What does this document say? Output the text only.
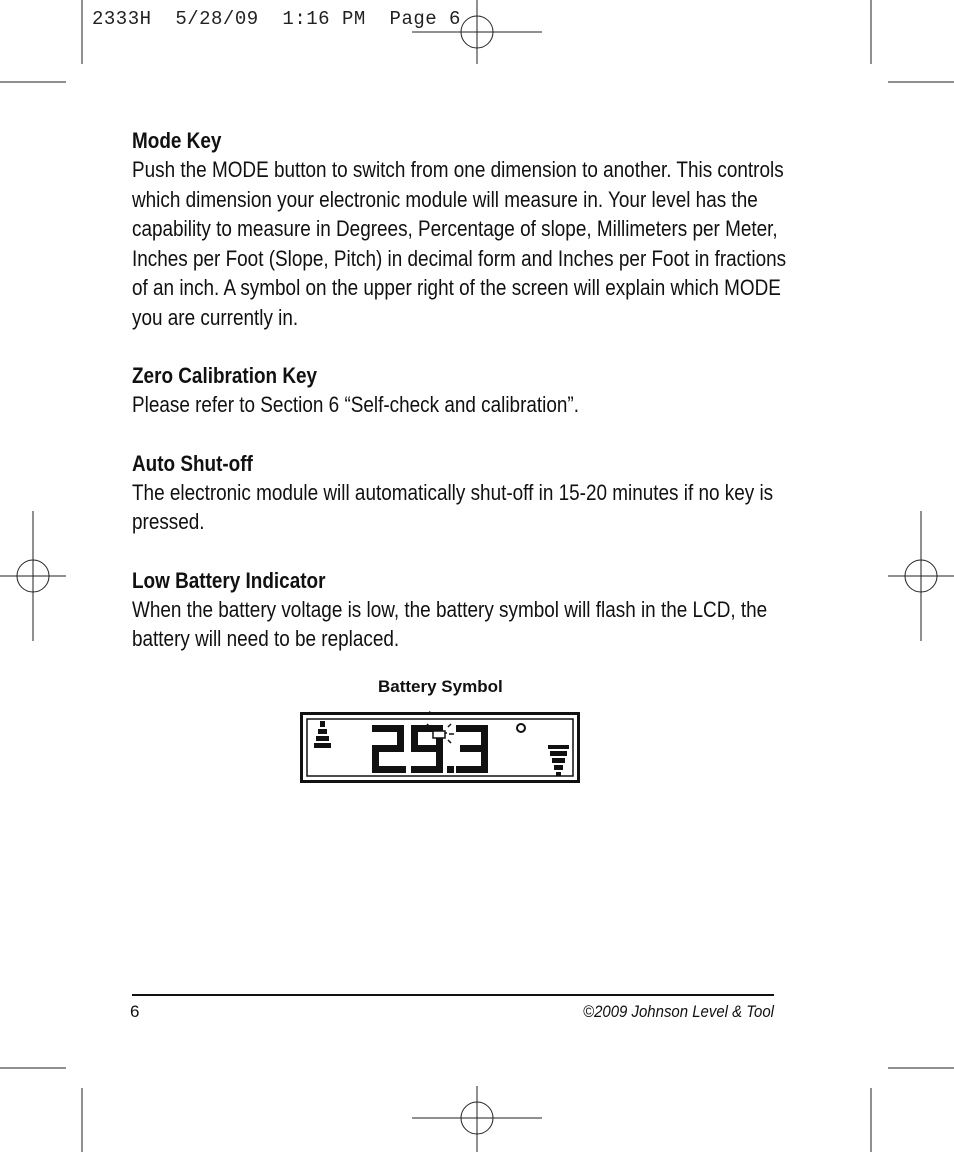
2333H  5/28/09  1:16 PM  Page 6
Mode Key
Push the MODE button to switch from one dimension to another. This controls which dimension your electronic module will measure in. Your level has the capability to measure in Degrees, Percentage of slope, Millimeters per Meter, Inches per Foot (Slope, Pitch) in decimal form and Inches per Foot in fractions of an inch. A symbol on the upper right of the screen will explain which MODE you are currently in.
Zero Calibration Key
Please refer to Section 6 “Self-check and calibration”.
Auto Shut-off
The electronic module will automatically shut-off in 15-20 minutes if no key is pressed.
Low Battery Indicator
When the battery voltage is low, the battery symbol will flash in the LCD, the battery will need to be replaced.
Battery Symbol
6	©2009 Johnson Level & Tool
